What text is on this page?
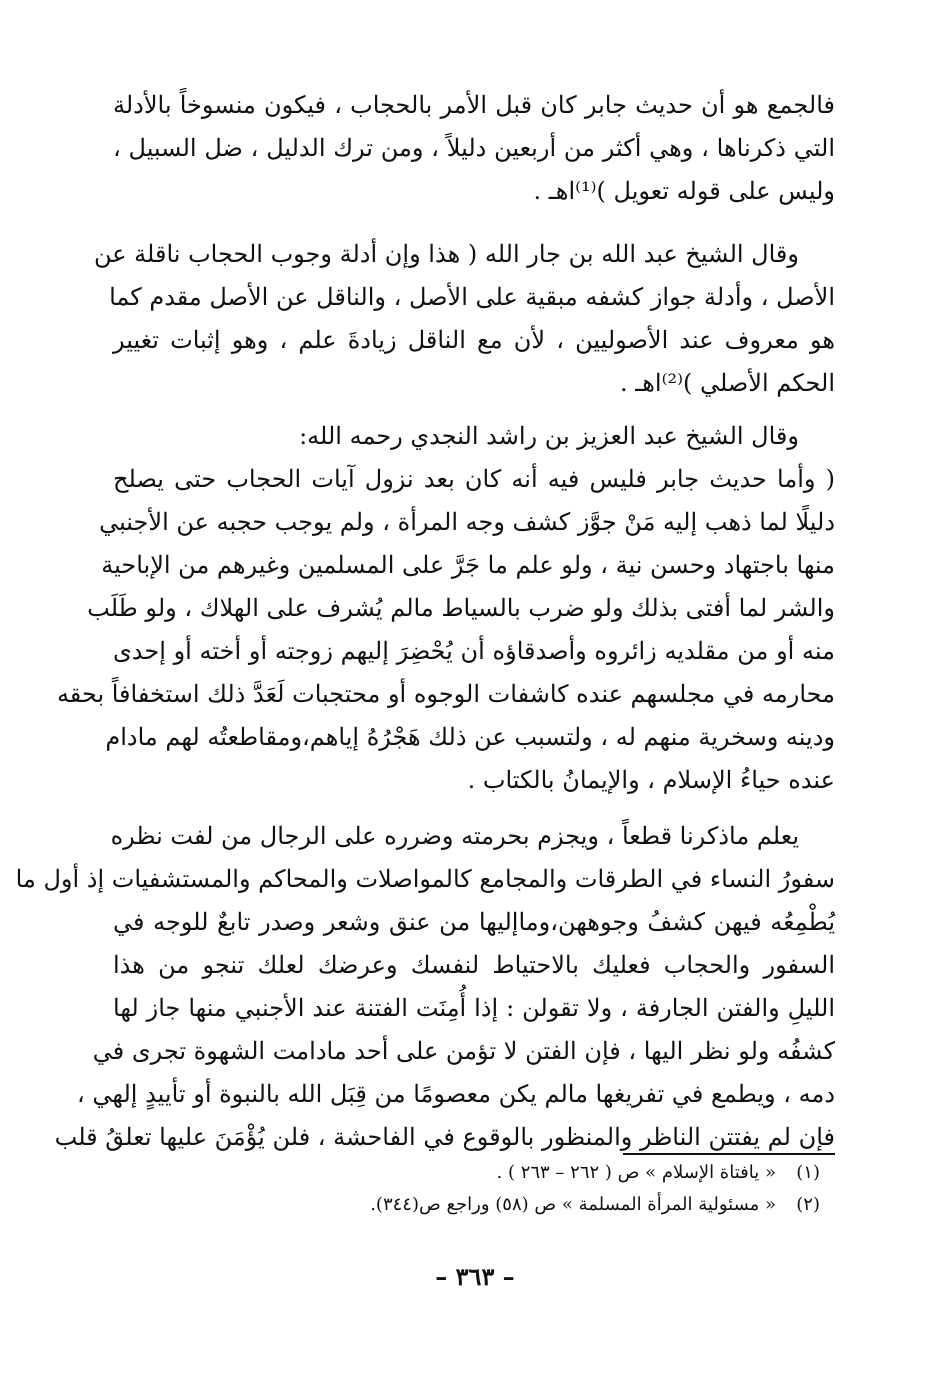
فالجمع هو أن حديث جابر كان قبل الأمر بالحجاب ، فيكون منسوخاً بالأدلة
التي ذكرناها ، وهي أكثر من أربعين دليلاً ، ومن ترك الدليل ، ضل السبيل ،
وليس على قوله تعويل )⁽¹⁾اهـ .
وقال الشيخ عبد الله بن جار الله ( هذا وإن أدلة وجوب الحجاب ناقلة عن
الأصل ، وأدلة جواز كشفه مبقية على الأصل ، والناقل عن الأصل مقدم كما
هو معروف عند الأصوليين ، لأن مع الناقل زيادةَ علم ، وهو إثبات تغيير
الحكم الأصلي )⁽²⁾اهـ .
وقال الشيخ عبد العزيز بن راشد النجدي رحمه الله:
( وأما حديث جابر فليس فيه أنه كان بعد نزول آيات الحجاب حتى يصلح
دليلًا لما ذهب إليه مَنْ جوَّز كشف وجه المرأة ، ولم يوجب حجبه عن الأجنبي
منها باجتهاد وحسن نية ، ولو علم ما جَرَّ على المسلمين وغيرهم من الإباحية
والشر لما أفتى بذلك ولو ضرب بالسياط مالم يُشرف على الهلاك ، ولو طَلَب
منه أو من مقلديه زائروه وأصدقاؤه أن يُحْضِرَ إليهم زوجته أو أخته أو إحدى
محارمه في مجلسهم عنده كاشفات الوجوه أو محتجبات لَعَدَّ ذلك استخفافاً بحقه
ودينه وسخرية منهم له ، ولتسبب عن ذلك هَجْرُهُ إياهم،ومقاطعتُه لهم مادام
عنده حياءُ الإسلام ، والإيمانُ بالكتاب .
يعلم ماذكرنا قطعاً ، ويجزم بحرمته وضرره على الرجال من لفت نظره
سفورُ النساء في الطرقات والمجامع كالمواصلات والمحاكم والمستشفيات إذ أول ما
يُطْمِعُه فيهن كشفُ وجوههن،وماإليها من عنق وشعر وصدر تابعٌ للوجه في
السفور والحجاب فعليك بالاحتياط لنفسك وعرضك لعلك تنجو من هذا
الليلِ والفتن الجارفة ، ولا تقولن : إذا أُمِنَت الفتنة عند الأجنبي منها جاز لها
كشفُه ولو نظر اليها ، فإن الفتن لا تؤمن على أحد مادامت الشهوة تجرى في
دمه ، ويطمع في تفريغها مالم يكن معصومًا من قِبَل الله بالنبوة أو تأييدٍ إلهي ،
فإن لم يفتتن الناظر والمنظور بالوقوع في الفاحشة ، فلن يُؤْمَنَ عليها تعلقُ قلب
(١)
« يافتاة الإسلام » ص ( ٢٦٢ – ٢٦٣ ) .
(٢)
« مسئولية المرأة المسلمة » ص (٥٨) وراجع ص(٣٤٤).
– ٣٦٣ –
